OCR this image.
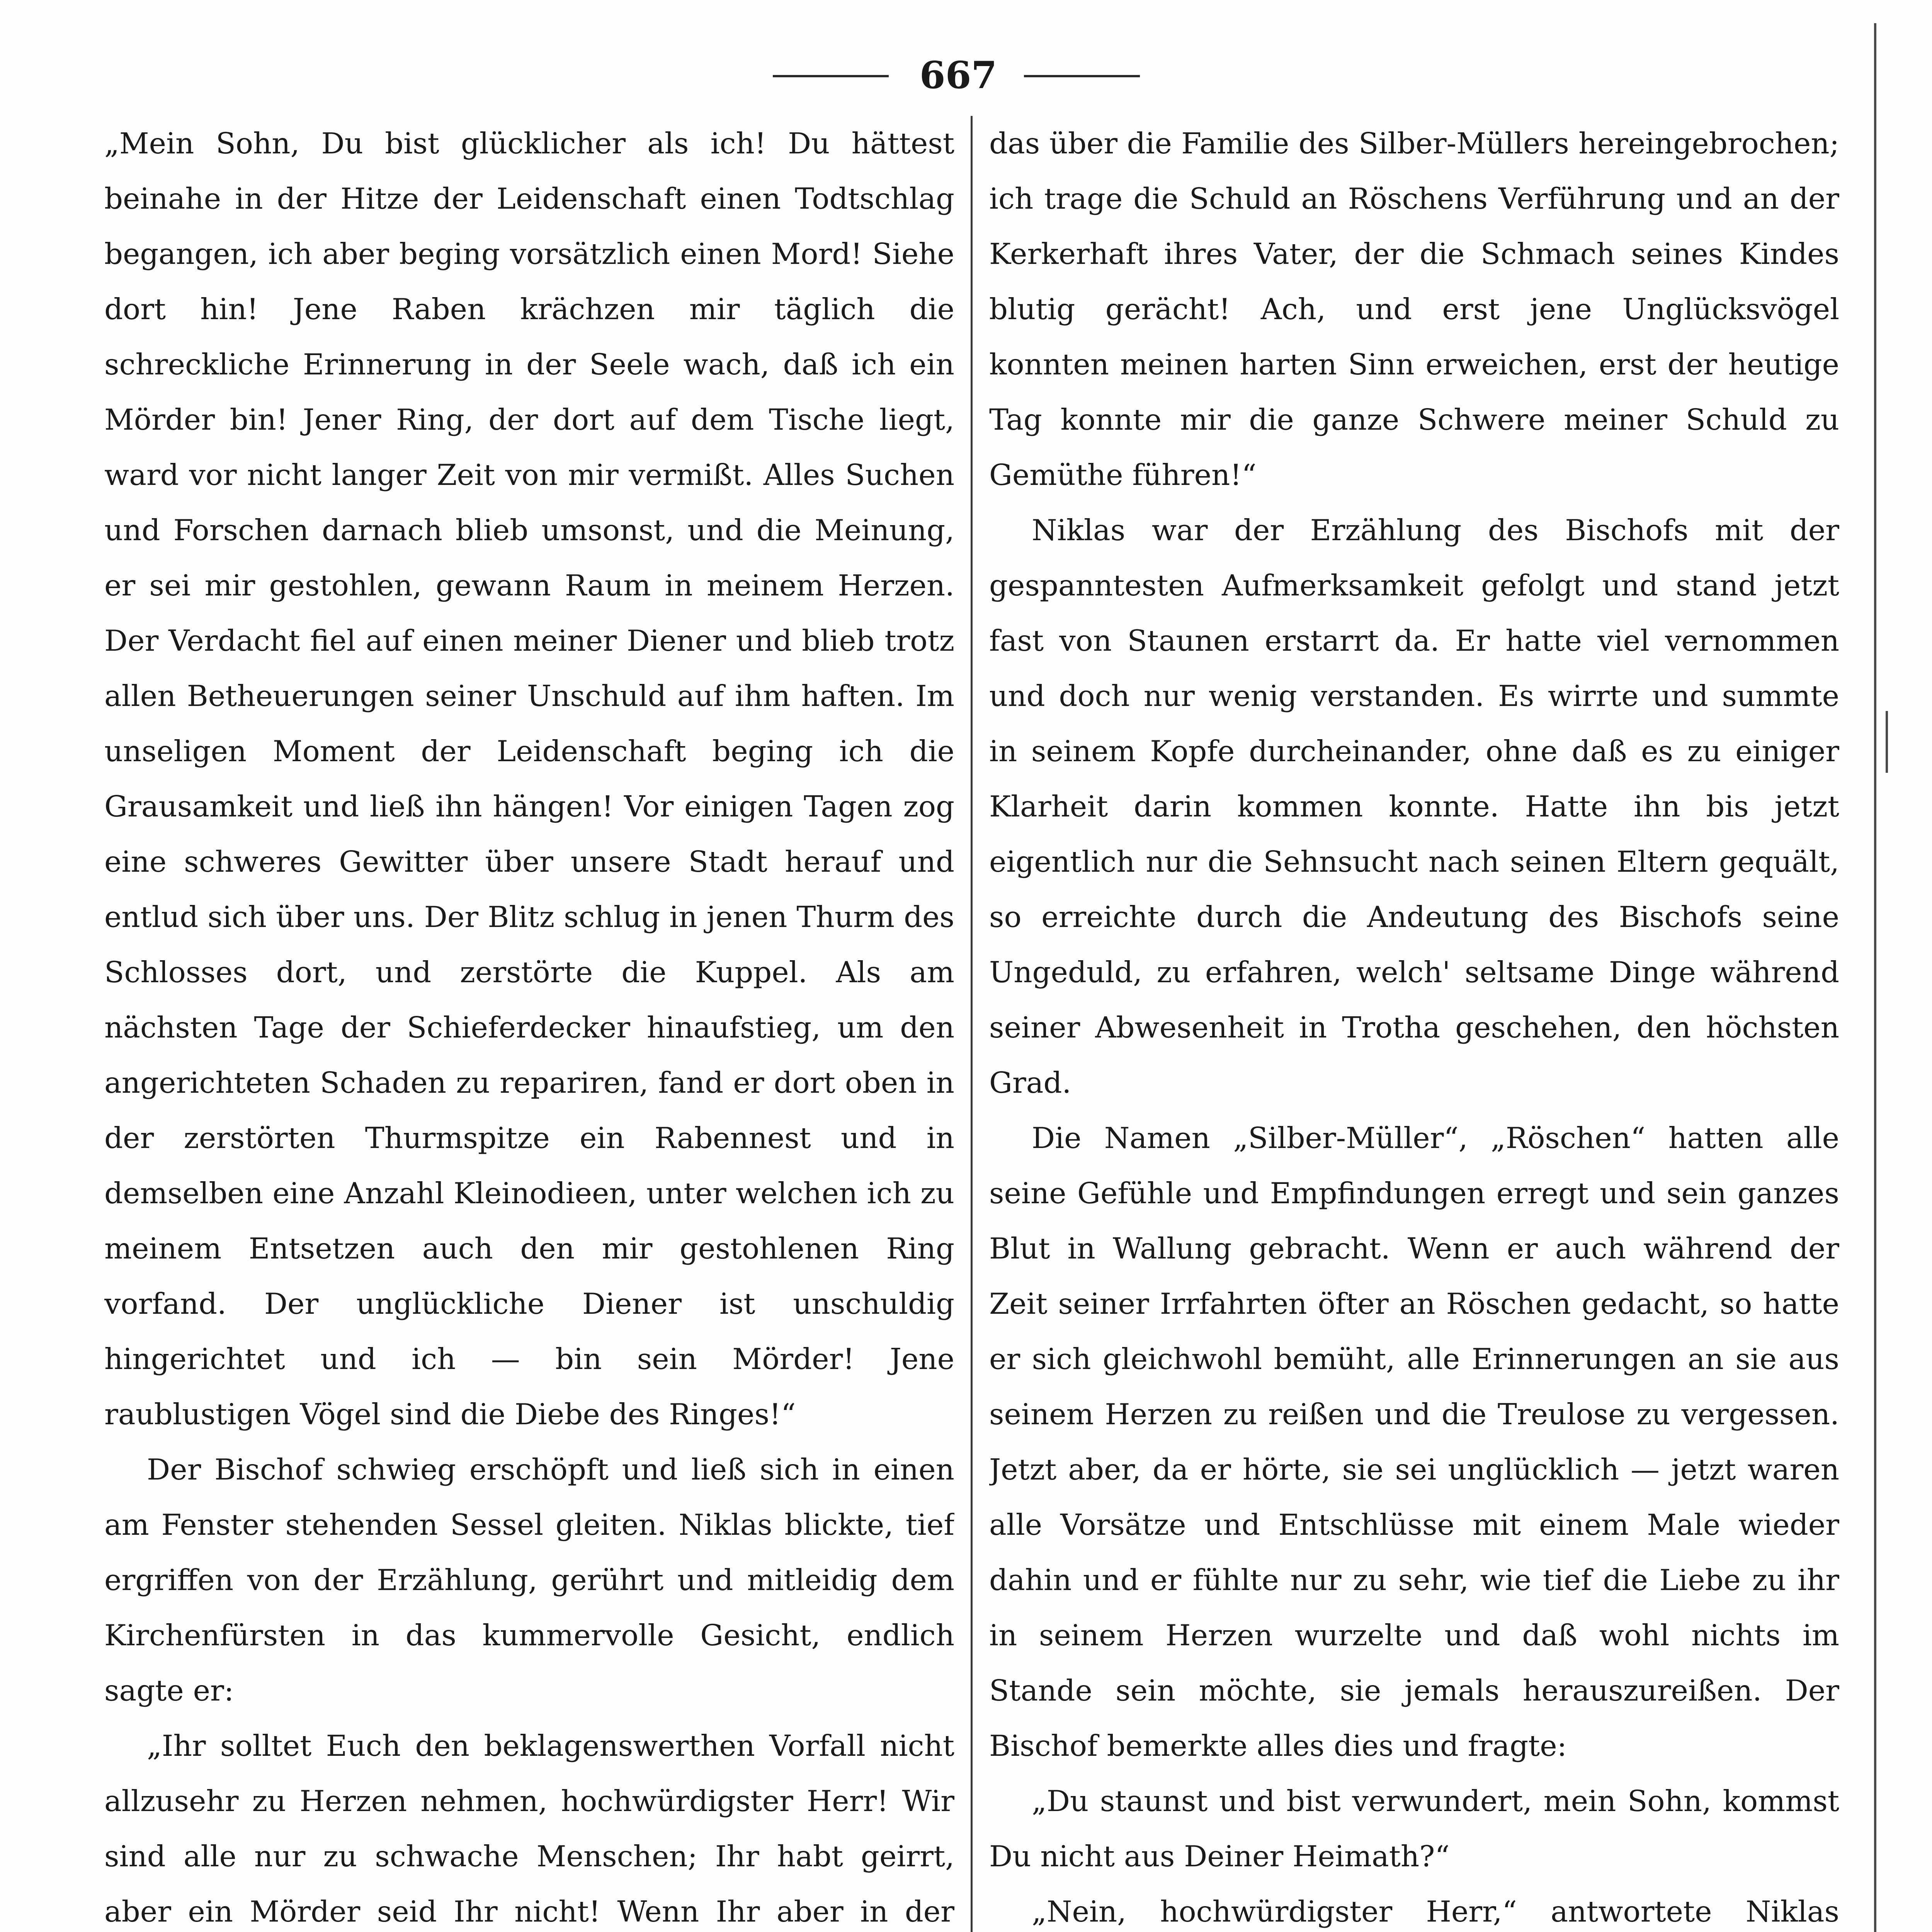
667

„Mein Sohn, Du bist glücklicher als ich! Du hättest beinahe in der Hitze der Leidenschaft einen Todtschlag begangen, ich aber beging vorsätzlich einen Mord! Siehe dort hin! Jene Raben krächzen mir täglich die schreckliche Erinnerung in der Seele wach, daß ich ein Mörder bin! Jener Ring, der dort auf dem Tische liegt, ward vor nicht langer Zeit von mir vermißt. Alles Suchen und Forschen darnach blieb umsonst, und die Meinung, er sei mir gestohlen, gewann Raum in meinem Herzen. Der Verdacht fiel auf einen meiner Diener und blieb trotz allen Betheuerungen seiner Unschuld auf ihm haften. Im unseligen Moment der Leidenschaft beging ich die Grausamkeit und ließ ihn hängen! Vor einigen Tagen zog eine schweres Gewitter über unsere Stadt herauf und entlud sich über uns. Der Blitz schlug in jenen Thurm des Schlosses dort, und zerstörte die Kuppel. Als am nächsten Tage der Schieferdecker hinaufstieg, um den angerichteten Schaden zu repariren, fand er dort oben in der zerstörten Thurmspitze ein Rabennest und in demselben eine Anzahl Kleinodieen, unter welchen ich zu meinem Entsetzen auch den mir gestohlenen Ring vorfand. Der unglückliche Diener ist unschuldig hingerichtet und ich — bin sein Mörder! Jene raublustigen Vögel sind die Diebe des Ringes!“

Der Bischof schwieg erschöpft und ließ sich in einen am Fenster stehenden Sessel gleiten. Niklas blickte, tief ergriffen von der Erzählung, gerührt und mitleidig dem Kirchenfürsten in das kummervolle Gesicht, endlich sagte er:

„Ihr solltet Euch den beklagenswerthen Vorfall nicht allzusehr zu Herzen nehmen, hochwürdigster Herr! Wir sind alle nur zu schwache Menschen; Ihr habt geirrt, aber ein Mörder seid Ihr nicht! Wenn Ihr aber in der

das über die Familie des Silber-Müllers hereingebrochen; ich trage die Schuld an Röschens Verführung und an der Kerkerhaft ihres Vater, der die Schmach seines Kindes blutig gerächt! Ach, und erst jene Unglücksvögel konnten meinen harten Sinn erweichen, erst der heutige Tag konnte mir die ganze Schwere meiner Schuld zu Gemüthe führen!“

Niklas war der Erzählung des Bischofs mit der gespanntesten Aufmerksamkeit gefolgt und stand jetzt fast von Staunen erstarrt da. Er hatte viel vernommen und doch nur wenig verstanden. Es wirrte und summte in seinem Kopfe durcheinander, ohne daß es zu einiger Klarheit darin kommen konnte. Hatte ihn bis jetzt eigentlich nur die Sehnsucht nach seinen Eltern gequält, so erreichte durch die Andeutung des Bischofs seine Ungeduld, zu erfahren, welch' seltsame Dinge während seiner Abwesenheit in Trotha geschehen, den höchsten Grad.

Die Namen „Silber-Müller“, „Röschen“ hatten alle seine Gefühle und Empfindungen erregt und sein ganzes Blut in Wallung gebracht. Wenn er auch während der Zeit seiner Irrfahrten öfter an Röschen gedacht, so hatte er sich gleichwohl bemüht, alle Erinnerungen an sie aus seinem Herzen zu reißen und die Treulose zu vergessen. Jetzt aber, da er hörte, sie sei unglücklich — jetzt waren alle Vorsätze und Entschlüsse mit einem Male wieder dahin und er fühlte nur zu sehr, wie tief die Liebe zu ihr in seinem Herzen wurzelte und daß wohl nichts im Stande sein möchte, sie jemals herauszureißen. Der Bischof bemerkte alles dies und fragte:

„Du staunst und bist verwundert, mein Sohn, kommst Du nicht aus Deiner Heimath?“

„Nein, hochwürdigster Herr,“ antwortete Niklas
